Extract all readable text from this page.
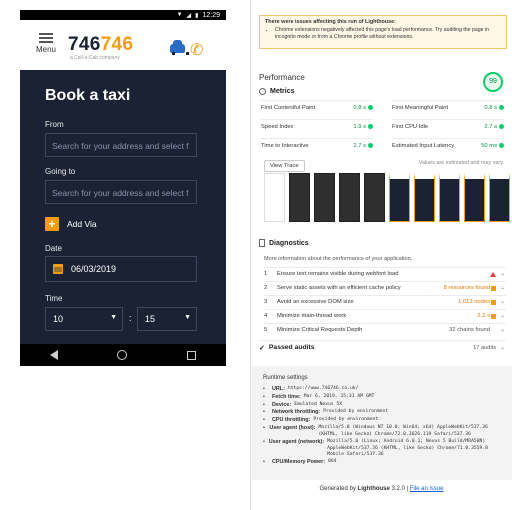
▼ ◢ ▮ 12:29
Menu 746746
a Call-a-Cab company	✆
Book a taxi
From
Search for your address and select f
Going to
Search for your address and select f
+	Add Via
Date
06/03/2019
Time
10	▼ : 15	▼
There were issues affecting this run of Lighthouse:
• Chrome extensions negatively affected this page's load performance. Try auditing the page in incognito mode or from a Chrome profile without extensions.
Performance	99
Metrics
First Contentful Paint	0.8 s	First Meaningful Paint	0.8 s
Speed Index	1.9 s	First CPU Idle	2.7 s
Time to Interactive	2.7 s	Estimated Input Latency	50 ms
View Trace	Values are estimated and may vary.
Diagnostics
More information about the performance of your application.
1 Ensure text remains visible during webfont load	⌄
2 Serve static assets with an efficient cache policy	8 resources found ⌄
3 Avoid an excessive DOM size	1,013 nodes ⌄
4 Minimize main-thread work	2.2 s ⌄
5 Minimize Critical Requests Depth	32 chains found ⌄
✓ Passed audits	17 audits ⌄
Runtime settings
•	URL: https://www.746746.co.uk/
•	Fetch time: Mar 6, 2019, 15:31 AM GMT
•	Device: Emulated Nexus 5X
•	Network throttling: Provided by environment
•	CPU throttling: Provided by environment
• User agent (host): Mozilla/5.0 (Windows NT 10.0; Win64; x64) AppleWebKit/537.36 (KHTML, like Gecko) Chrome/72.0.3626.119 Safari/537.36
• User agent (network): Mozilla/5.0 (Linux; Android 6.0.1; Nexus 5 Build/MRA58N) AppleWebKit/537.36 (KHTML, like Gecko) Chrome/71.0.3559.0 Mobile Safari/537.36
•	CPU/Memory Power: 864
Generated by Lighthouse 3.2.0 | File an issue
